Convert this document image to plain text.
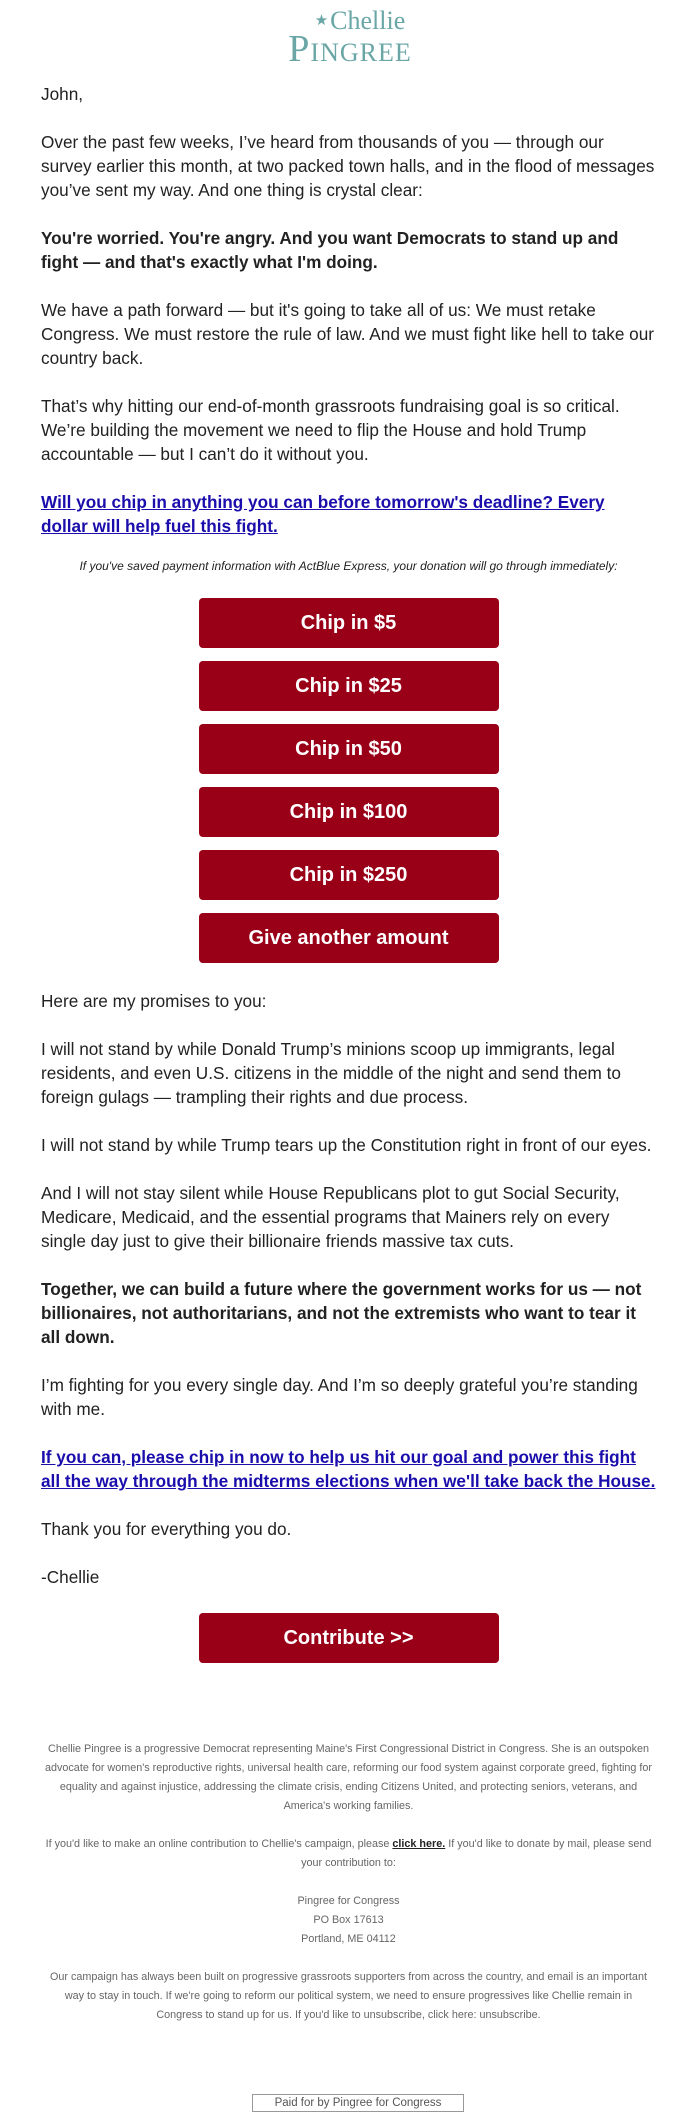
★Chellie
PINGREE

John,

Over the past few weeks, I’ve heard from thousands of you — through our survey earlier this month, at two packed town halls, and in the flood of messages you’ve sent my way. And one thing is crystal clear:

You're worried. You're angry. And you want Democrats to stand up and fight — and that's exactly what I'm doing.

We have a path forward — but it's going to take all of us: We must retake Congress. We must restore the rule of law. And we must fight like hell to take our country back.

That’s why hitting our end-of-month grassroots fundraising goal is so critical. We’re building the movement we need to flip the House and hold Trump accountable — but I can’t do it without you.

Will you chip in anything you can before tomorrow's deadline? Every dollar will help fuel this fight.

If you've saved payment information with ActBlue Express, your donation will go through immediately:

Chip in $5
Chip in $25
Chip in $50
Chip in $100
Chip in $250
Give another amount

Here are my promises to you:

I will not stand by while Donald Trump’s minions scoop up immigrants, legal residents, and even U.S. citizens in the middle of the night and send them to foreign gulags — trampling their rights and due process.

I will not stand by while Trump tears up the Constitution right in front of our eyes.

And I will not stay silent while House Republicans plot to gut Social Security, Medicare, Medicaid, and the essential programs that Mainers rely on every single day just to give their billionaire friends massive tax cuts.

Together, we can build a future where the government works for us — not billionaires, not authoritarians, and not the extremists who want to tear it all down.

I’m fighting for you every single day. And I’m so deeply grateful you’re standing with me.

If you can, please chip in now to help us hit our goal and power this fight all the way through the midterms elections when we'll take back the House.

Thank you for everything you do.

-Chellie

Contribute >>

Chellie Pingree is a progressive Democrat representing Maine's First Congressional District in Congress. She is an outspoken advocate for women's reproductive rights, universal health care, reforming our food system against corporate greed, fighting for equality and against injustice, addressing the climate crisis, ending Citizens United, and protecting seniors, veterans, and America's working families.

If you'd like to make an online contribution to Chellie's campaign, please click here. If you'd like to donate by mail, please send your contribution to:

Pingree for Congress

PO Box 17613

Portland, ME 04112

Our campaign has always been built on progressive grassroots supporters from across the country, and email is an important way to stay in touch. If we're going to reform our political system, we need to ensure progressives like Chellie remain in Congress to stand up for us. If you'd like to unsubscribe, click here: unsubscribe.

Paid for by Pingree for Congress
